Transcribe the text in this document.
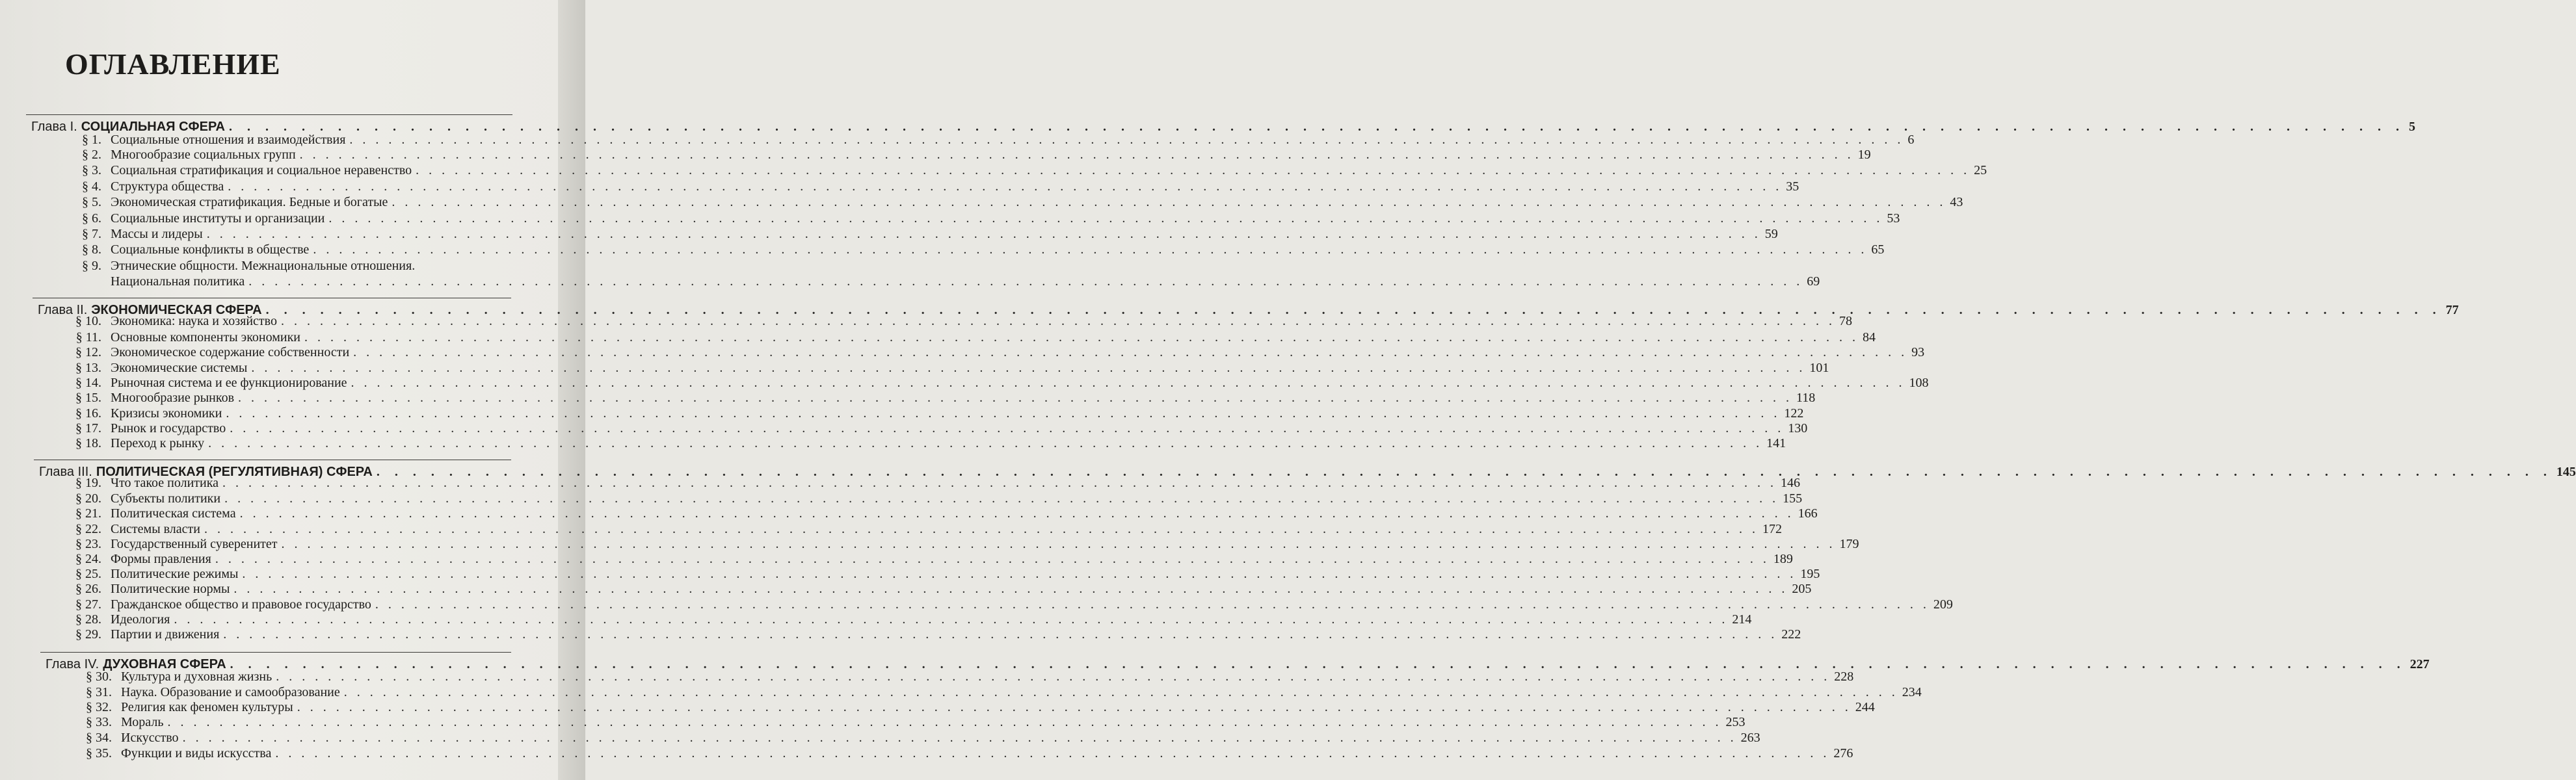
ОГЛАВЛЕНИЕ
Глава I. СОЦИАЛЬНАЯ СФЕРА . . . . . . . . . . . . . . . . . . . . . . . . . . . . . . . . . . . . . . . . . . . . . . . . . . . . . . . . . . . . . . . . . . . . . . . . . . . . . . . . . . . . . . . . . . . . . . . . . . . . . . . . . . . . . . . . . . . . . . . . 5
§ 1. Социальные отношения и взаимодействия . . . . . . . . . . . . . . . . . . . . . . . . . . . . . . . . . . . . . . . . . . . . . . . . . . . . . . . . . . . . . . . . . . . . . . . . . . . . . . . . . . . . . . . . . . . . . . . . . . . . . . . . . . . . . . . . . . . . . . . . 6
§ 2. Многообразие социальных групп . . . . . . . . . . . . . . . . . . . . . . . . . . . . . . . . . . . . . . . . . . . . . . . . . . . . . . . . . . . . . . . . . . . . . . . . . . . . . . . . . . . . . . . . . . . . . . . . . . . . . . . . . . . . . . . . . . . . . . . . 19
§ 3. Социальная стратификация и социальное неравенство . . . . . . . . . . . . . . . . . . . . . . . . . . . . . . . . . . . . . . . . . . . . . . . . . . . . . . . . . . . . . . . . . . . . . . . . . . . . . . . . . . . . . . . . . . . . . . . . . . . . . . . . . . . . . . . . . . . . . . . . 25
§ 4. Структура общества . . . . . . . . . . . . . . . . . . . . . . . . . . . . . . . . . . . . . . . . . . . . . . . . . . . . . . . . . . . . . . . . . . . . . . . . . . . . . . . . . . . . . . . . . . . . . . . . . . . . . . . . . . . . . . . . . . . . . . . . 35
§ 5. Экономическая стратификация. Бедные и богатые . . . . . . . . . . . . . . . . . . . . . . . . . . . . . . . . . . . . . . . . . . . . . . . . . . . . . . . . . . . . . . . . . . . . . . . . . . . . . . . . . . . . . . . . . . . . . . . . . . . . . . . . . . . . . . . . . . . . . . . . 43
§ 6. Социальные институты и организации . . . . . . . . . . . . . . . . . . . . . . . . . . . . . . . . . . . . . . . . . . . . . . . . . . . . . . . . . . . . . . . . . . . . . . . . . . . . . . . . . . . . . . . . . . . . . . . . . . . . . . . . . . . . . . . . . . . . . . . . 53
§ 7. Массы и лидеры . . . . . . . . . . . . . . . . . . . . . . . . . . . . . . . . . . . . . . . . . . . . . . . . . . . . . . . . . . . . . . . . . . . . . . . . . . . . . . . . . . . . . . . . . . . . . . . . . . . . . . . . . . . . . . . . . . . . . . . . 59
§ 8. Социальные конфликты в обществе . . . . . . . . . . . . . . . . . . . . . . . . . . . . . . . . . . . . . . . . . . . . . . . . . . . . . . . . . . . . . . . . . . . . . . . . . . . . . . . . . . . . . . . . . . . . . . . . . . . . . . . . . . . . . . . . . . . . . . . . 65
§ 9. Этнические общности. Межнациональные отношения.
Национальная политика . . . . . . . . . . . . . . . . . . . . . . . . . . . . . . . . . . . . . . . . . . . . . . . . . . . . . . . . . . . . . . . . . . . . . . . . . . . . . . . . . . . . . . . . . . . . . . . . . . . . . . . . . . . . . . . . . . . . . . . . 69
Глава II. ЭКОНОМИЧЕСКАЯ СФЕРА . . . . . . . . . . . . . . . . . . . . . . . . . . . . . . . . . . . . . . . . . . . . . . . . . . . . . . . . . . . . . . . . . . . . . . . . . . . . . . . . . . . . . . . . . . . . . . . . . . . . . . . . . . . . . . . . . . . . . . . . 77
§ 10. Экономика: наука и хозяйство . . . . . . . . . . . . . . . . . . . . . . . . . . . . . . . . . . . . . . . . . . . . . . . . . . . . . . . . . . . . . . . . . . . . . . . . . . . . . . . . . . . . . . . . . . . . . . . . . . . . . . . . . . . . . . . . . . . . . . . . 78
§ 11. Основные компоненты экономики . . . . . . . . . . . . . . . . . . . . . . . . . . . . . . . . . . . . . . . . . . . . . . . . . . . . . . . . . . . . . . . . . . . . . . . . . . . . . . . . . . . . . . . . . . . . . . . . . . . . . . . . . . . . . . . . . . . . . . . . 84
§ 12. Экономическое содержание собственности . . . . . . . . . . . . . . . . . . . . . . . . . . . . . . . . . . . . . . . . . . . . . . . . . . . . . . . . . . . . . . . . . . . . . . . . . . . . . . . . . . . . . . . . . . . . . . . . . . . . . . . . . . . . . . . . . . . . . . . . 93
§ 13. Экономические системы . . . . . . . . . . . . . . . . . . . . . . . . . . . . . . . . . . . . . . . . . . . . . . . . . . . . . . . . . . . . . . . . . . . . . . . . . . . . . . . . . . . . . . . . . . . . . . . . . . . . . . . . . . . . . . . . . . . . . . . . 101
§ 14. Рыночная система и ее функционирование . . . . . . . . . . . . . . . . . . . . . . . . . . . . . . . . . . . . . . . . . . . . . . . . . . . . . . . . . . . . . . . . . . . . . . . . . . . . . . . . . . . . . . . . . . . . . . . . . . . . . . . . . . . . . . . . . . . . . . . . 108
§ 15. Многообразие рынков . . . . . . . . . . . . . . . . . . . . . . . . . . . . . . . . . . . . . . . . . . . . . . . . . . . . . . . . . . . . . . . . . . . . . . . . . . . . . . . . . . . . . . . . . . . . . . . . . . . . . . . . . . . . . . . . . . . . . . . . 118
§ 16. Кризисы экономики . . . . . . . . . . . . . . . . . . . . . . . . . . . . . . . . . . . . . . . . . . . . . . . . . . . . . . . . . . . . . . . . . . . . . . . . . . . . . . . . . . . . . . . . . . . . . . . . . . . . . . . . . . . . . . . . . . . . . . . . 122
§ 17. Рынок и государство . . . . . . . . . . . . . . . . . . . . . . . . . . . . . . . . . . . . . . . . . . . . . . . . . . . . . . . . . . . . . . . . . . . . . . . . . . . . . . . . . . . . . . . . . . . . . . . . . . . . . . . . . . . . . . . . . . . . . . . . 130
§ 18. Переход к рынку . . . . . . . . . . . . . . . . . . . . . . . . . . . . . . . . . . . . . . . . . . . . . . . . . . . . . . . . . . . . . . . . . . . . . . . . . . . . . . . . . . . . . . . . . . . . . . . . . . . . . . . . . . . . . . . . . . . . . . . . 141
Глава III. ПОЛИТИЧЕСКАЯ (РЕГУЛЯТИВНАЯ) СФЕРА . . . . . . . . . . . . . . . . . . . . . . . . . . . . . . . . . . . . . . . . . . . . . . . . . . . . . . . . . . . . . . . . . . . . . . . . . . . . . . . . . . . . . . . . . . . . . . . . . . . . . . . . . . . . . . . . . . . . . . . . 145
§ 19. Что такое политика . . . . . . . . . . . . . . . . . . . . . . . . . . . . . . . . . . . . . . . . . . . . . . . . . . . . . . . . . . . . . . . . . . . . . . . . . . . . . . . . . . . . . . . . . . . . . . . . . . . . . . . . . . . . . . . . . . . . . . . . 146
§ 20. Субъекты политики . . . . . . . . . . . . . . . . . . . . . . . . . . . . . . . . . . . . . . . . . . . . . . . . . . . . . . . . . . . . . . . . . . . . . . . . . . . . . . . . . . . . . . . . . . . . . . . . . . . . . . . . . . . . . . . . . . . . . . . . 155
§ 21. Политическая система . . . . . . . . . . . . . . . . . . . . . . . . . . . . . . . . . . . . . . . . . . . . . . . . . . . . . . . . . . . . . . . . . . . . . . . . . . . . . . . . . . . . . . . . . . . . . . . . . . . . . . . . . . . . . . . . . . . . . . . . 166
§ 22. Системы власти . . . . . . . . . . . . . . . . . . . . . . . . . . . . . . . . . . . . . . . . . . . . . . . . . . . . . . . . . . . . . . . . . . . . . . . . . . . . . . . . . . . . . . . . . . . . . . . . . . . . . . . . . . . . . . . . . . . . . . . . 172
§ 23. Государственный суверенитет . . . . . . . . . . . . . . . . . . . . . . . . . . . . . . . . . . . . . . . . . . . . . . . . . . . . . . . . . . . . . . . . . . . . . . . . . . . . . . . . . . . . . . . . . . . . . . . . . . . . . . . . . . . . . . . . . . . . . . . . 179
§ 24. Формы правления . . . . . . . . . . . . . . . . . . . . . . . . . . . . . . . . . . . . . . . . . . . . . . . . . . . . . . . . . . . . . . . . . . . . . . . . . . . . . . . . . . . . . . . . . . . . . . . . . . . . . . . . . . . . . . . . . . . . . . . . 189
§ 25. Политические режимы . . . . . . . . . . . . . . . . . . . . . . . . . . . . . . . . . . . . . . . . . . . . . . . . . . . . . . . . . . . . . . . . . . . . . . . . . . . . . . . . . . . . . . . . . . . . . . . . . . . . . . . . . . . . . . . . . . . . . . . . 195
§ 26. Политические нормы . . . . . . . . . . . . . . . . . . . . . . . . . . . . . . . . . . . . . . . . . . . . . . . . . . . . . . . . . . . . . . . . . . . . . . . . . . . . . . . . . . . . . . . . . . . . . . . . . . . . . . . . . . . . . . . . . . . . . . . . 205
§ 27. Гражданское общество и правовое государство . . . . . . . . . . . . . . . . . . . . . . . . . . . . . . . . . . . . . . . . . . . . . . . . . . . . . . . . . . . . . . . . . . . . . . . . . . . . . . . . . . . . . . . . . . . . . . . . . . . . . . . . . . . . . . . . . . . . . . . . 209
§ 28. Идеология . . . . . . . . . . . . . . . . . . . . . . . . . . . . . . . . . . . . . . . . . . . . . . . . . . . . . . . . . . . . . . . . . . . . . . . . . . . . . . . . . . . . . . . . . . . . . . . . . . . . . . . . . . . . . . . . . . . . . . . . 214
§ 29. Партии и движения . . . . . . . . . . . . . . . . . . . . . . . . . . . . . . . . . . . . . . . . . . . . . . . . . . . . . . . . . . . . . . . . . . . . . . . . . . . . . . . . . . . . . . . . . . . . . . . . . . . . . . . . . . . . . . . . . . . . . . . . 222
Глава IV. ДУХОВНАЯ СФЕРА . . . . . . . . . . . . . . . . . . . . . . . . . . . . . . . . . . . . . . . . . . . . . . . . . . . . . . . . . . . . . . . . . . . . . . . . . . . . . . . . . . . . . . . . . . . . . . . . . . . . . . . . . . . . . . . . . . . . . . . . 227
§ 30. Культура и духовная жизнь . . . . . . . . . . . . . . . . . . . . . . . . . . . . . . . . . . . . . . . . . . . . . . . . . . . . . . . . . . . . . . . . . . . . . . . . . . . . . . . . . . . . . . . . . . . . . . . . . . . . . . . . . . . . . . . . . . . . . . . . 228
§ 31. Наука. Образование и самообразование . . . . . . . . . . . . . . . . . . . . . . . . . . . . . . . . . . . . . . . . . . . . . . . . . . . . . . . . . . . . . . . . . . . . . . . . . . . . . . . . . . . . . . . . . . . . . . . . . . . . . . . . . . . . . . . . . . . . . . . . 234
§ 32. Религия как феномен культуры . . . . . . . . . . . . . . . . . . . . . . . . . . . . . . . . . . . . . . . . . . . . . . . . . . . . . . . . . . . . . . . . . . . . . . . . . . . . . . . . . . . . . . . . . . . . . . . . . . . . . . . . . . . . . . . . . . . . . . . . 244
§ 33. Мораль . . . . . . . . . . . . . . . . . . . . . . . . . . . . . . . . . . . . . . . . . . . . . . . . . . . . . . . . . . . . . . . . . . . . . . . . . . . . . . . . . . . . . . . . . . . . . . . . . . . . . . . . . . . . . . . . . . . . . . . . 253
§ 34. Искусство . . . . . . . . . . . . . . . . . . . . . . . . . . . . . . . . . . . . . . . . . . . . . . . . . . . . . . . . . . . . . . . . . . . . . . . . . . . . . . . . . . . . . . . . . . . . . . . . . . . . . . . . . . . . . . . . . . . . . . . . 263
§ 35. Функции и виды искусства . . . . . . . . . . . . . . . . . . . . . . . . . . . . . . . . . . . . . . . . . . . . . . . . . . . . . . . . . . . . . . . . . . . . . . . . . . . . . . . . . . . . . . . . . . . . . . . . . . . . . . . . . . . . . . . . . . . . . . . . 276
